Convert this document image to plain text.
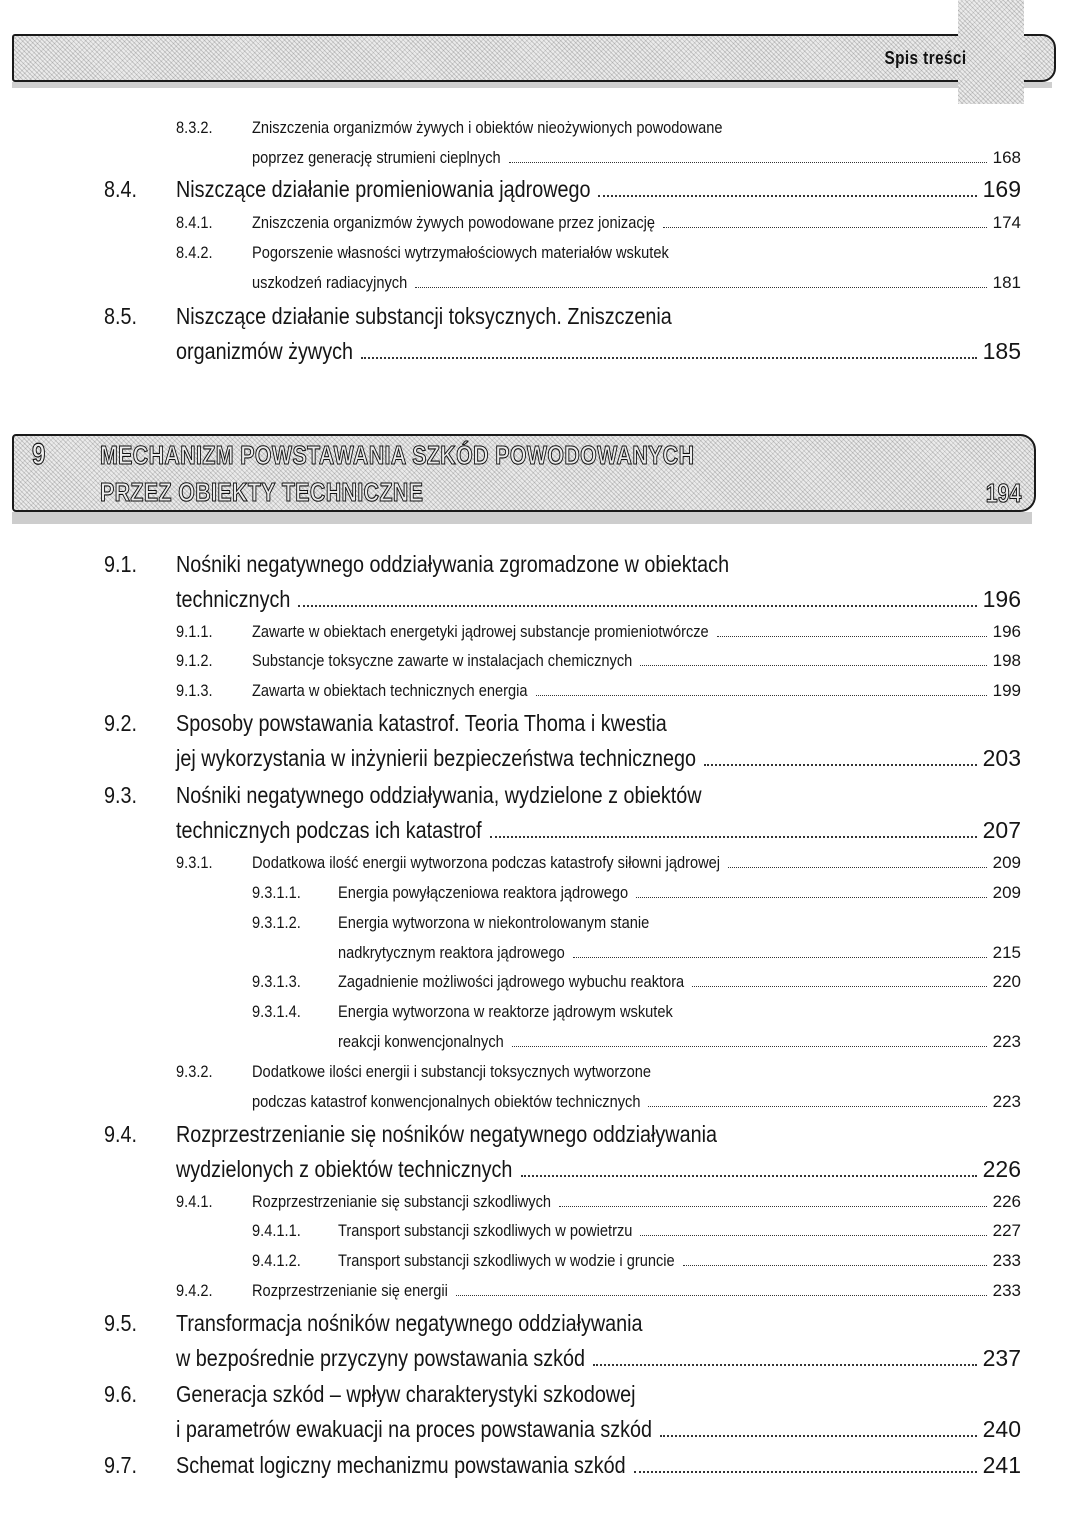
Spis treści
9 MECHANIZM POWSTAWANIA SZKÓD POWODOWANYCH
PRZEZ OBIEKTY TECHNICZNE	194
8.3.2.	Zniszczenia organizmów żywych i obiektów nieożywionych powodowane
poprzez generację strumieni cieplnych	168
8.4. Niszczące działanie promieniowania jądrowego	169
8.4.1.	Zniszczenia organizmów żywych powodowane przez jonizację	174
8.4.2.	Pogorszenie własności wytrzymałościowych materiałów wskutek
uszkodzeń radiacyjnych	181
8.5. Niszczące działanie substancji toksycznych. Zniszczenia
organizmów żywych	185
9.1. Nośniki negatywnego oddziaływania zgromadzone w obiektach
technicznych	196
9.1.1.	Zawarte w obiektach energetyki jądrowej substancje promieniotwórcze	196
9.1.2.	Substancje toksyczne zawarte w instalacjach chemicznych	198
9.1.3.	Zawarta w obiektach technicznych energia	199
9.2. Sposoby powstawania katastrof. Teoria Thoma i kwestia
jej wykorzystania w inżynierii bezpieczeństwa technicznego	203
9.3. Nośniki negatywnego oddziaływania, wydzielone z obiektów
technicznych podczas ich katastrof	207
9.3.1.	Dodatkowa ilość energii wytworzona podczas katastrofy siłowni jądrowej	209
9.3.1.1.	Energia powyłączeniowa reaktora jądrowego	209
9.3.1.2.	Energia wytworzona w niekontrolowanym stanie
nadkrytycznym reaktora jądrowego	215
9.3.1.3.	Zagadnienie możliwości jądrowego wybuchu reaktora	220
9.3.1.4.	Energia wytworzona w reaktorze jądrowym wskutek
reakcji konwencjonalnych	223
9.3.2.	Dodatkowe ilości energii i substancji toksycznych wytworzone
podczas katastrof konwencjonalnych obiektów technicznych	223
9.4. Rozprzestrzenianie się nośników negatywnego oddziaływania
wydzielonych z obiektów technicznych	226
9.4.1.	Rozprzestrzenianie się substancji szkodliwych	226
9.4.1.1.	Transport substancji szkodliwych w powietrzu	227
9.4.1.2.	Transport substancji szkodliwych w wodzie i gruncie	233
9.4.2.	Rozprzestrzenianie się energii	233
9.5. Transformacja nośników negatywnego oddziaływania
w bezpośrednie przyczyny powstawania szkód	237
9.6. Generacja szkód – wpływ charakterystyki szkodowej
i parametrów ewakuacji na proces powstawania szkód	240
9.7. Schemat logiczny mechanizmu powstawania szkód	241
